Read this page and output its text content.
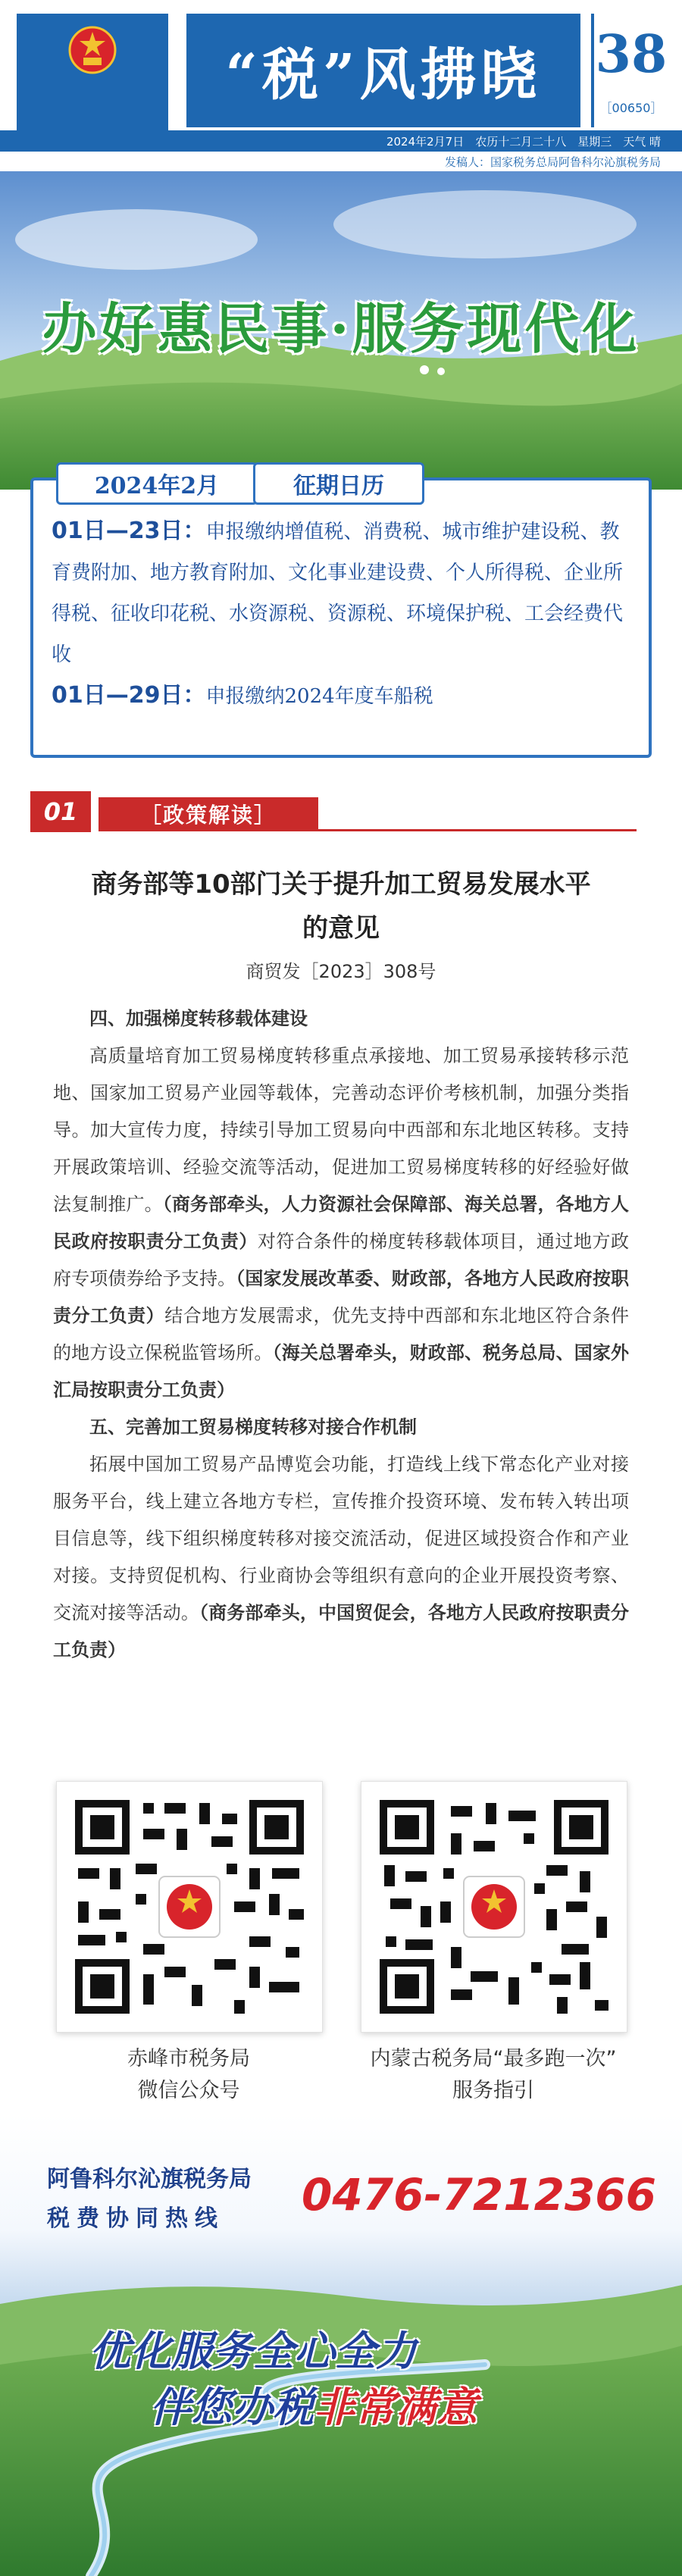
“税”风拂晓 38
［00650］
2024年2月7日　农历十二月二十八　星期三　天气 晴
发稿人：国家税务总局阿鲁科尔沁旗税务局
办好惠民事·服务现代化
2024年2月	征期日历

01日—23日：申报缴纳增值税、消费税、城市维护建设税、教育费附加、地方教育附加、文化事业建设费、个人所得税、企业所得税、征收印花税、水资源税、资源税、环境保护税、工会经费代收

01日—29日：申报缴纳2024年度车船税

01	［政策解读］
商务部等10部门关于提升加工贸易发展水平
的意见
商贸发［2023］308号

四、加强梯度转移载体建设

高质量培育加工贸易梯度转移重点承接地、加工贸易承接转移示范地、国家加工贸易产业园等载体，完善动态评价考核机制，加强分类指导。加大宣传力度，持续引导加工贸易向中西部和东北地区转移。支持开展政策培训、经验交流等活动，促进加工贸易梯度转移的好经验好做法复制推广。（商务部牵头，人力资源社会保障部、海关总署，各地方人民政府按职责分工负责）对符合条件的梯度转移载体项目，通过地方政府专项债券给予支持。（国家发展改革委、财政部，各地方人民政府按职责分工负责）结合地方发展需求，优先支持中西部和东北地区符合条件的地方设立保税监管场所。（海关总署牵头，财政部、税务总局、国家外汇局按职责分工负责）

五、完善加工贸易梯度转移对接合作机制

拓展中国加工贸易产品博览会功能，打造线上线下常态化产业对接服务平台，线上建立各地方专栏，宣传推介投资环境、发布转入转出项目信息等，线下组织梯度转移对接交流活动，促进区域投资合作和产业对接。支持贸促机构、行业商协会等组织有意向的企业开展投资考察、交流对接等活动。（商务部牵头，中国贸促会，各地方人民政府按职责分工负责）

赤峰市税务局
微信公众号
内蒙古税务局“最多跑一次”
服务指引
阿鲁科尔沁旗税务局
税费协同热线 0476-7212366
优化服务全心全力
伴您办税非常满意
